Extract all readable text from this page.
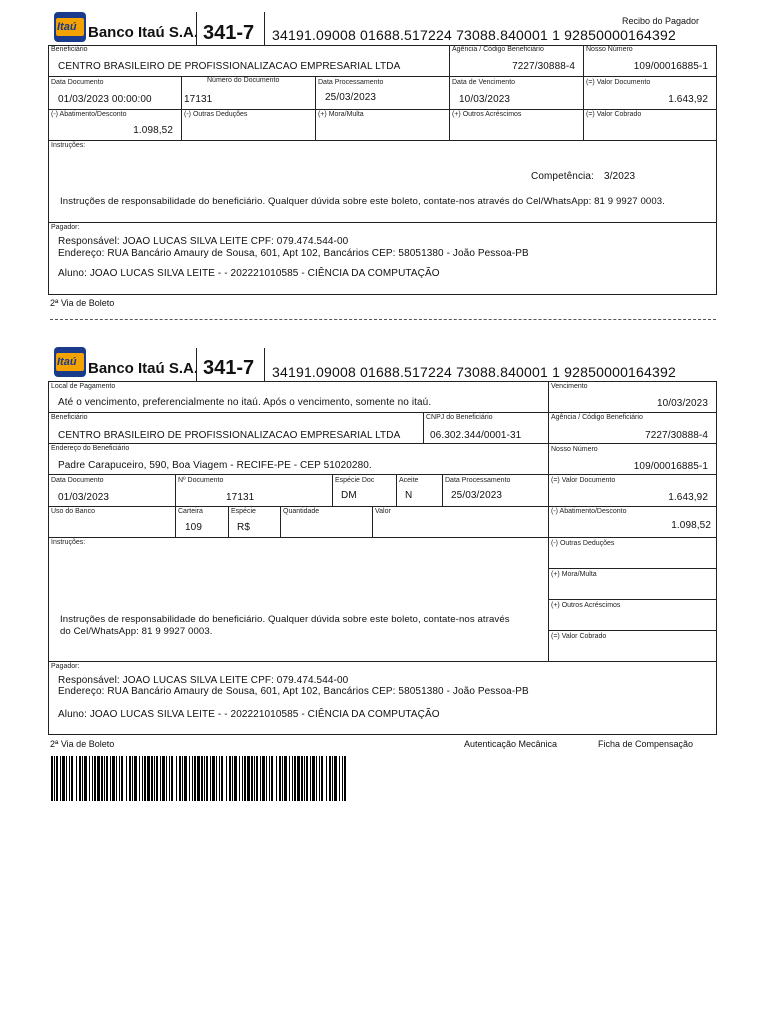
Itaú Banco Itaú S.A. 341-7
Recibo do Pagador
34191.09008 01688.517224 73088.840001 1 92850000164392
Beneficiário
CENTRO BRASILEIRO DE PROFISSIONALIZACAO EMPRESARIAL LTDA
Agência / Código Beneficiário
7227/30888-4
Nosso Número
109/00016885-1
Data Documento
01/03/2023 00:00:00
Número do Documento
17131
Data Processamento
25/03/2023
Data de Vencimento
10/03/2023
(=) Valor Documento
1.643,92
(-) Abatimento/Desconto
1.098,52
(-) Outras Deduções	(+) Mora/Multa	(+) Outros Acréscimos	(=) Valor Cobrado
Instruções:
Competência: 3/2023
Instruções de responsabilidade do beneficiário. Qualquer dúvida sobre este boleto, contate-nos através do Cel/WhatsApp: 81 9 9927 0003.
Pagador:
Responsável: JOAO LUCAS SILVA LEITE CPF: 079.474.544-00
Endereço: RUA Bancário Amaury de Sousa, 601, Apt 102, Bancários CEP: 58051380 - João Pessoa-PB
Aluno: JOAO LUCAS SILVA LEITE - - 202221010585 - CIÊNCIA DA COMPUTAÇÃO
2ª Via de Boleto
Itaú Banco Itaú S.A. 341-7 34191.09008 01688.517224 73088.840001 1 92850000164392
Local de Pagamento
Até o vencimento, preferencialmente no itaú. Após o vencimento, somente no itaú.
Vencimento
10/03/2023
Beneficiário
CENTRO BRASILEIRO DE PROFISSIONALIZACAO EMPRESARIAL LTDA
CNPJ do Beneficiário
06.302.344/0001-31
Agência / Código Beneficiário
7227/30888-4
Endereço do Beneficiário
Padre Carapuceiro, 590, Boa Viagem - RECIFE-PE - CEP 51020280.
Nosso Número
109/00016885-1
Data Documento
01/03/2023
Nº Documento
17131
Espécie Doc
DM
Aceite
N
Data Processamento
25/03/2023
(=) Valor Documento
1.643,92
Uso do Banco	Carteira
109
Espécie
R$
Quantidade	Valor	(-) Abatimento/Desconto
1.098,52
Instruções:
Instruções de responsabilidade do beneficiário. Qualquer dúvida sobre este boleto, contate-nos através
do Cel/WhatsApp: 81 9 9927 0003.
(-) Outras Deduções
(+) Mora/Multa
(+) Outros Acréscimos
(=) Valor Cobrado
Pagador:
Responsável: JOAO LUCAS SILVA LEITE CPF: 079.474.544-00
Endereço: RUA Bancário Amaury de Sousa, 601, Apt 102, Bancários CEP: 58051380 - João Pessoa-PB
Aluno: JOAO LUCAS SILVA LEITE - - 202221010585 - CIÊNCIA DA COMPUTAÇÃO
2ª Via de Boleto	Autenticação Mecânica	Ficha de Compensação
